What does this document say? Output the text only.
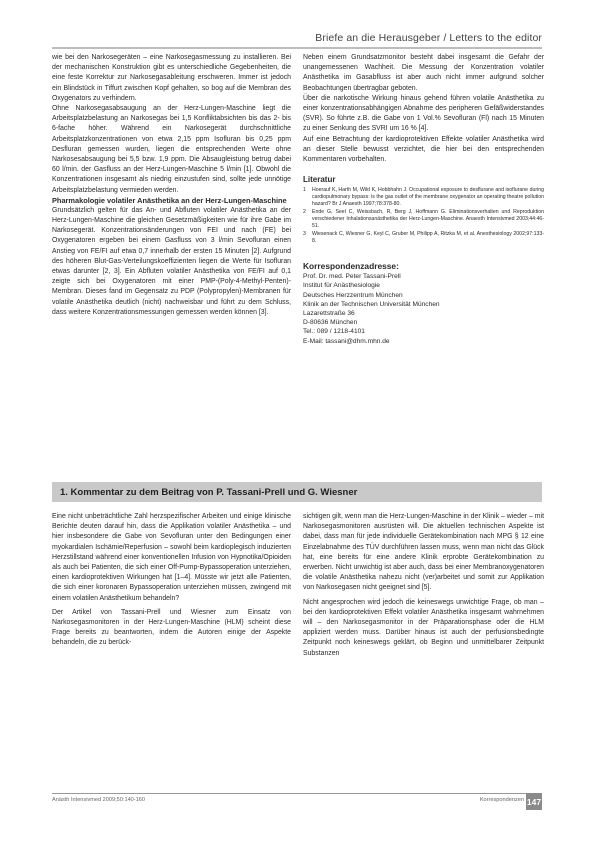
Briefe an die Herausgeber / Letters to the editor

wie bei den Narkosegeräten – eine Narkosegasmessung zu installieren. Bei der mechanischen Konstruktion gibt es unterschiedliche Gegebenheiten, die eine feste Korrektur zur Narkosegasableitung erschweren. Immer ist jedoch ein Blindstück in Tiffurt zwischen Kopf gehalten, so bog auf die Membran des Oxygenators zu verhindern.

Ohne Narkosegasabsaugung an der Herz-Lungen-Maschine liegt die Arbeitsplatzbelastung an Narkosegas bei 1,5 Konfliktabsichten bis das 2- bis 6-fache höher. Während ein Narkosegerät durchschnittliche Arbeitsplatzkonzentrationen von etwa 2,15 ppm Isofluran bis 0,25 ppm Desfluran gemessen wurden, liegen die entsprechenden Werte ohne Narkosesabsaugung bei 5,5 bzw. 1,9 ppm. Die Absaugleistung betrug dabei 60 l/min. der Gasfluss an der Herz-Lungen-Maschine 5 l/min [1]. Obwohl die Konzentrationen insgesamt als niedrig einzustufen sind, sollte jede unnötige Arbeitsplatzbelastung vermieden werden.

Pharmakologie volatiler Anästhetika an der Herz-Lungen-Maschine

Grundsätzlich gelten für das An- und Abfluten volatiler Anästhetika an der Herz-Lungen-Maschine die gleichen Gesetzmäßigkeiten wie für ihre Gabe im Narkosegerät. Konzentrationsänderungen von FEI und nach (FE) bei Oxygenatoren ergeben bei einem Gasfluss von 3 l/min Sevofluran einen Anstieg von FE/FI auf etwa 0,7 innerhalb der ersten 15 Minuten [2]. Aufgrund des höheren Blut-Gas-Verteilungskoeffizienten liegen die Werte für Isofluran etwas darunter [2, 3]. Ein Abfluten volatiler Anästhetika von FE/FI auf 0,1 zeigte sich bei Oxygenatoren mit einer PMP-(Poly-4-Methyl-Penten)-Membran. Dieses fand im Gegensatz zu PDP (Polypropylen)-Membranen für volatile Anästhetika deutlich (nicht) nachweisbar und führt zu dem Schluss, dass weitere Konzentrationsmessungen gemessen werden können [3].

Neben einem Grundsatzmonitor besteht dabei insgesamt die Gefahr der unangemessenen Wachheit. Die Messung der Konzentration volatiler Anästhetika im Gasabfluss ist aber auch nicht immer aufgrund solcher Beobachtungen übertragbar geboten.

Über die narkotische Wirkung hinaus gehend führen volatile Anästhetika zu einer konzentrationsabhängigen Abnahme des peripheren Gefäßwiderstandes (SVR). So führte z.B. die Gabe von 1 Vol.% Sevofluran (Fl) nach 15 Minuten zu einer Senkung des SVRI um 16 % [4].

Auf eine Betrachtung der kardioprotektiven Effekte volatiler Anästhetika wird an dieser Stelle bewusst verzichtet, die hier bei den entsprechenden Kommentaren vorbehalten.

Literatur
1	Hoerauf K, Harth M, Wild K, Hobbhahn J. Occupational exposure to desflurane and isoflurane during cardiopulmonary bypass: is the gas outlet of the membrane oxygenator an operating theatre pollution hazard? Br J Anaesth 1997;78:378-80.
2	Ende G, Seel C, Weissbach, R, Berg J, Hoffmann G. Eliminationsverhalten und Reproduktion verschiedener Inhalationsanästhetika der Herz-Lungen-Maschine. Anaesth Intensivmed 2003;44:46-51.
3	Wiesenack C, Wiesner G, Keyl C, Gruber M, Philipp A, Ritzka M, et al. Anesthesiology 2002;97:133-8.
Korrespondenzadresse:
Prof. Dr. med. Peter Tassani-Prell
Institut für Anästhesiologie
Deutsches Herzzentrum München
Klinik an der Technischen Universität München
Lazarettstraße 36
D-80636 München
Tel.: 089 / 1218-4101
E-Mail: tassani@dhm.mhn.de
1. Kommentar zu dem Beitrag von P. Tassani-Prell und G. Wiesner

Eine nicht unbeträchtliche Zahl herzspezifischer Arbeiten und einige klinische Berichte deuten darauf hin, dass die Applikation volatiler Anästhetika – und hier insbesondere die Gabe von Sevofluran unter den Bedingungen einer myokardialen Ischämie/Reperfusion – sowohl beim kardioplegisch induzierten Herzstillstand während einer konventionellen Infusion von Hypnotika/Opioiden als auch bei Patienten, die sich einer Off-Pump-Bypassoperation unterziehen, einen kardioprotektiven Wirkungen hat [1–4]. Müsste wir jetzt alle Patienten, die sich einer koronaren Bypassoperation unterziehen müssen, zwingend mit einem volatilen Anästhetikum behandeln?

Der Artikel von Tassani-Prell und Wiesner zum Einsatz von Narkosegasmonitoren in der Herz-Lungen-Maschine (HLM) scheint diese Frage bereits zu beantworten, indem die Autoren einige der Aspekte behandeln, die zu berück-

sichtigen gilt, wenn man die Herz-Lungen-Maschine in der Klinik – wieder – mit Narkosegasmonitoren ausrüsten will. Die aktuellen technischen Aspekte ist dabei, dass man für jede individuelle Gerätekombination nach MPG § 12 eine Einzelabnahme des TÜV durchführen lassen muss, wenn man nicht das Glück hat, eine bereits für eine andere Klinik erprobte Gerätekombination zu erwerben. Nicht unwichtig ist aber auch, dass bei einer Membranoxygenatoren die volatile Anästhetika nahezu nicht (ver)arbeitet und somit zur Applikation von Narkosegasen nicht geeignet sind [5].

Nicht angesprochen wird jedoch die keineswegs unwichtige Frage, ob man – bei den kardioprotektiven Effekt volatiler Anästhetika insgesamt wahrnehmen will – den Narkosegasmonitor in der Präparationsphase oder die HLM appliziert werden muss. Darüber hinaus ist auch der perfusionsbedingte Zeitpunkt noch keineswegs geklärt, ob Beginn und unmittelbarer Zeitpunkt Substanzen

Anästh Intensivmed 2009;50:140-160	Korrespondenzen 147
